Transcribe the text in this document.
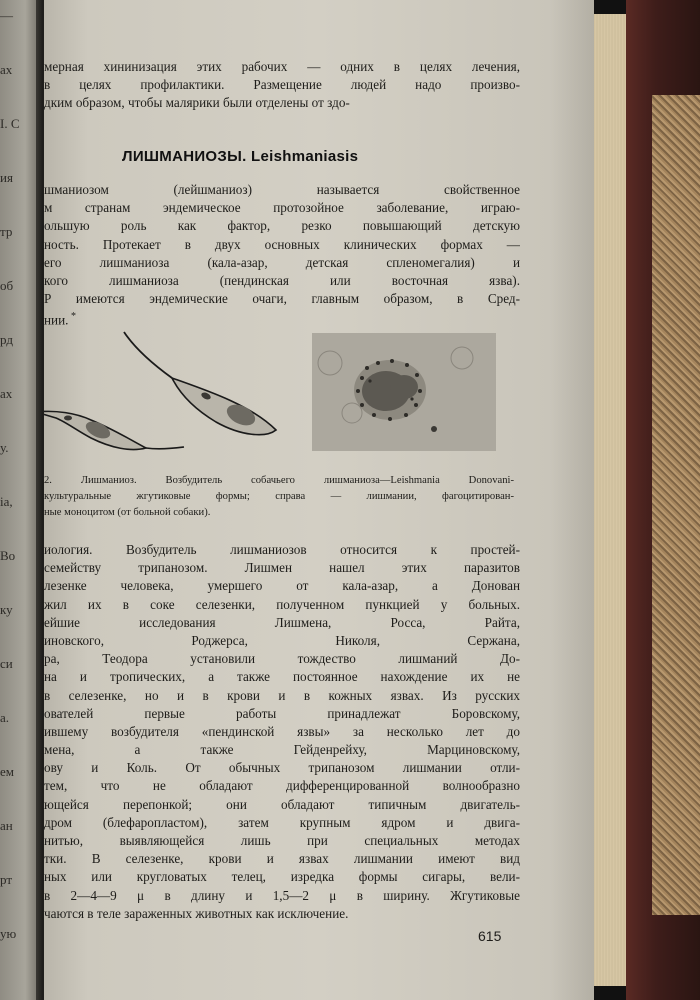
—
ах
I. С
ия
тр
об
рд
ах
у.
ia,
Во
ку
си
а.
ем
ан
рт
ую
мерная хининизация этих рабочих — одних в целях лечения,
в целях профилактики. Размещение людей надо произво-
дким образом, чтобы малярики были отделены от здо-
ЛИШМАНИОЗЫ. Leishmaniasis
шманиозом (лейшманиоз) называется свойственное
м странам эндемическое протозойное заболевание, играю-
ольшую роль как фактор, резко повышающий детскую
ность. Протекает в двух основных клинических формах —
его лишманиоза (кала-азар, детская спленомегалия) и
кого лишманиоза (пендинская или восточная язва).
Р имеются эндемические очаги, главным образом, в Сред-
нии. *
2. Лишманиоз. Возбудитель собачьего лишманиоза—Leishmania Donovani-
культуральные жгутиковые формы; справа — лишмании, фагоцитирован-
ные моноцитом (от больной собаки).
иология. Возбудитель лишманиозов относится к простей-
семейству трипанозом. Лишмен нашел этих паразитов
лезенке человека, умершего от кала-азар, а Донован
жил их в соке селезенки, полученном пункцией у больных.
ейшие исследования Лишмена, Росса, Райта,
иновского, Роджерса, Николя, Сержана,
ра, Теодора установили тождество лишманий До-
на и тропических, а также постоянное нахождение их не
в селезенке, но и в крови и в кожных язвах. Из русских
ователей первые работы принадлежат Боровскому,
ившему возбудителя «пендинской язвы» за несколько лет до
мена, а также Гейденрейху, Марциновскому,
ову и Коль. От обычных трипанозом лишмании отли-
тем, что не обладают дифференцированной волнообразно
ющейся перепонкой; они обладают типичным двигатель-
дром (блефаропластом), затем крупным ядром и двига-
нитью, выявляющейся лишь при специальных методах
тки. В селезенке, крови и язвах лишмании имеют вид
ных или кругловатых телец, изредка формы сигары, вели-
в 2—4—9 μ в длину и 1,5—2 μ в ширину. Жгутиковые
чаются в теле зараженных животных как исключение.
615
